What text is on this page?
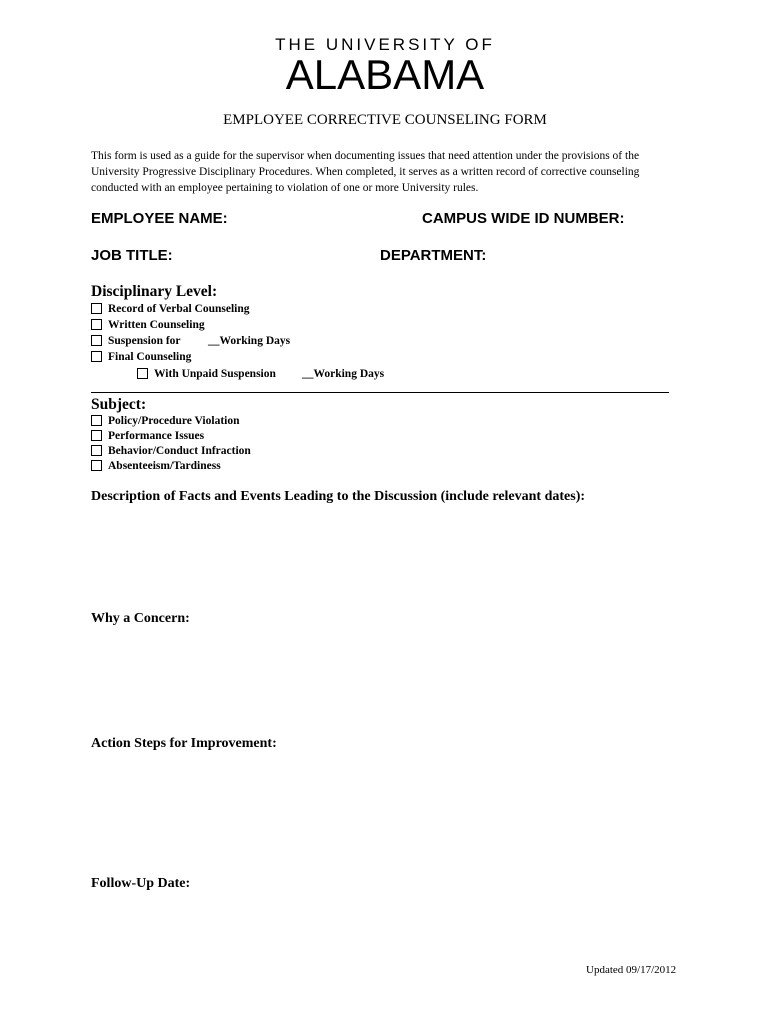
THE UNIVERSITY OF
ALABAMA
EMPLOYEE CORRECTIVE COUNSELING FORM
This form is used as a guide for the supervisor when documenting issues that need attention under the provisions of the University Progressive Disciplinary Procedures. When completed, it serves as a written record of corrective counseling conducted with an employee pertaining to violation of one or more University rules.
EMPLOYEE NAME:	CAMPUS WIDE ID NUMBER:
JOB TITLE:	DEPARTMENT:
Disciplinary Level:
Record of Verbal Counseling
Written Counseling
Suspension for	__Working Days
Final Counseling
With Unpaid Suspension	__Working Days
Subject:
Policy/Procedure Violation
Performance Issues
Behavior/Conduct Infraction
Absenteeism/Tardiness
Description of Facts and Events Leading to the Discussion (include relevant dates):
Why a Concern:
Action Steps for Improvement:
Follow-Up Date:
Updated 09/17/2012
